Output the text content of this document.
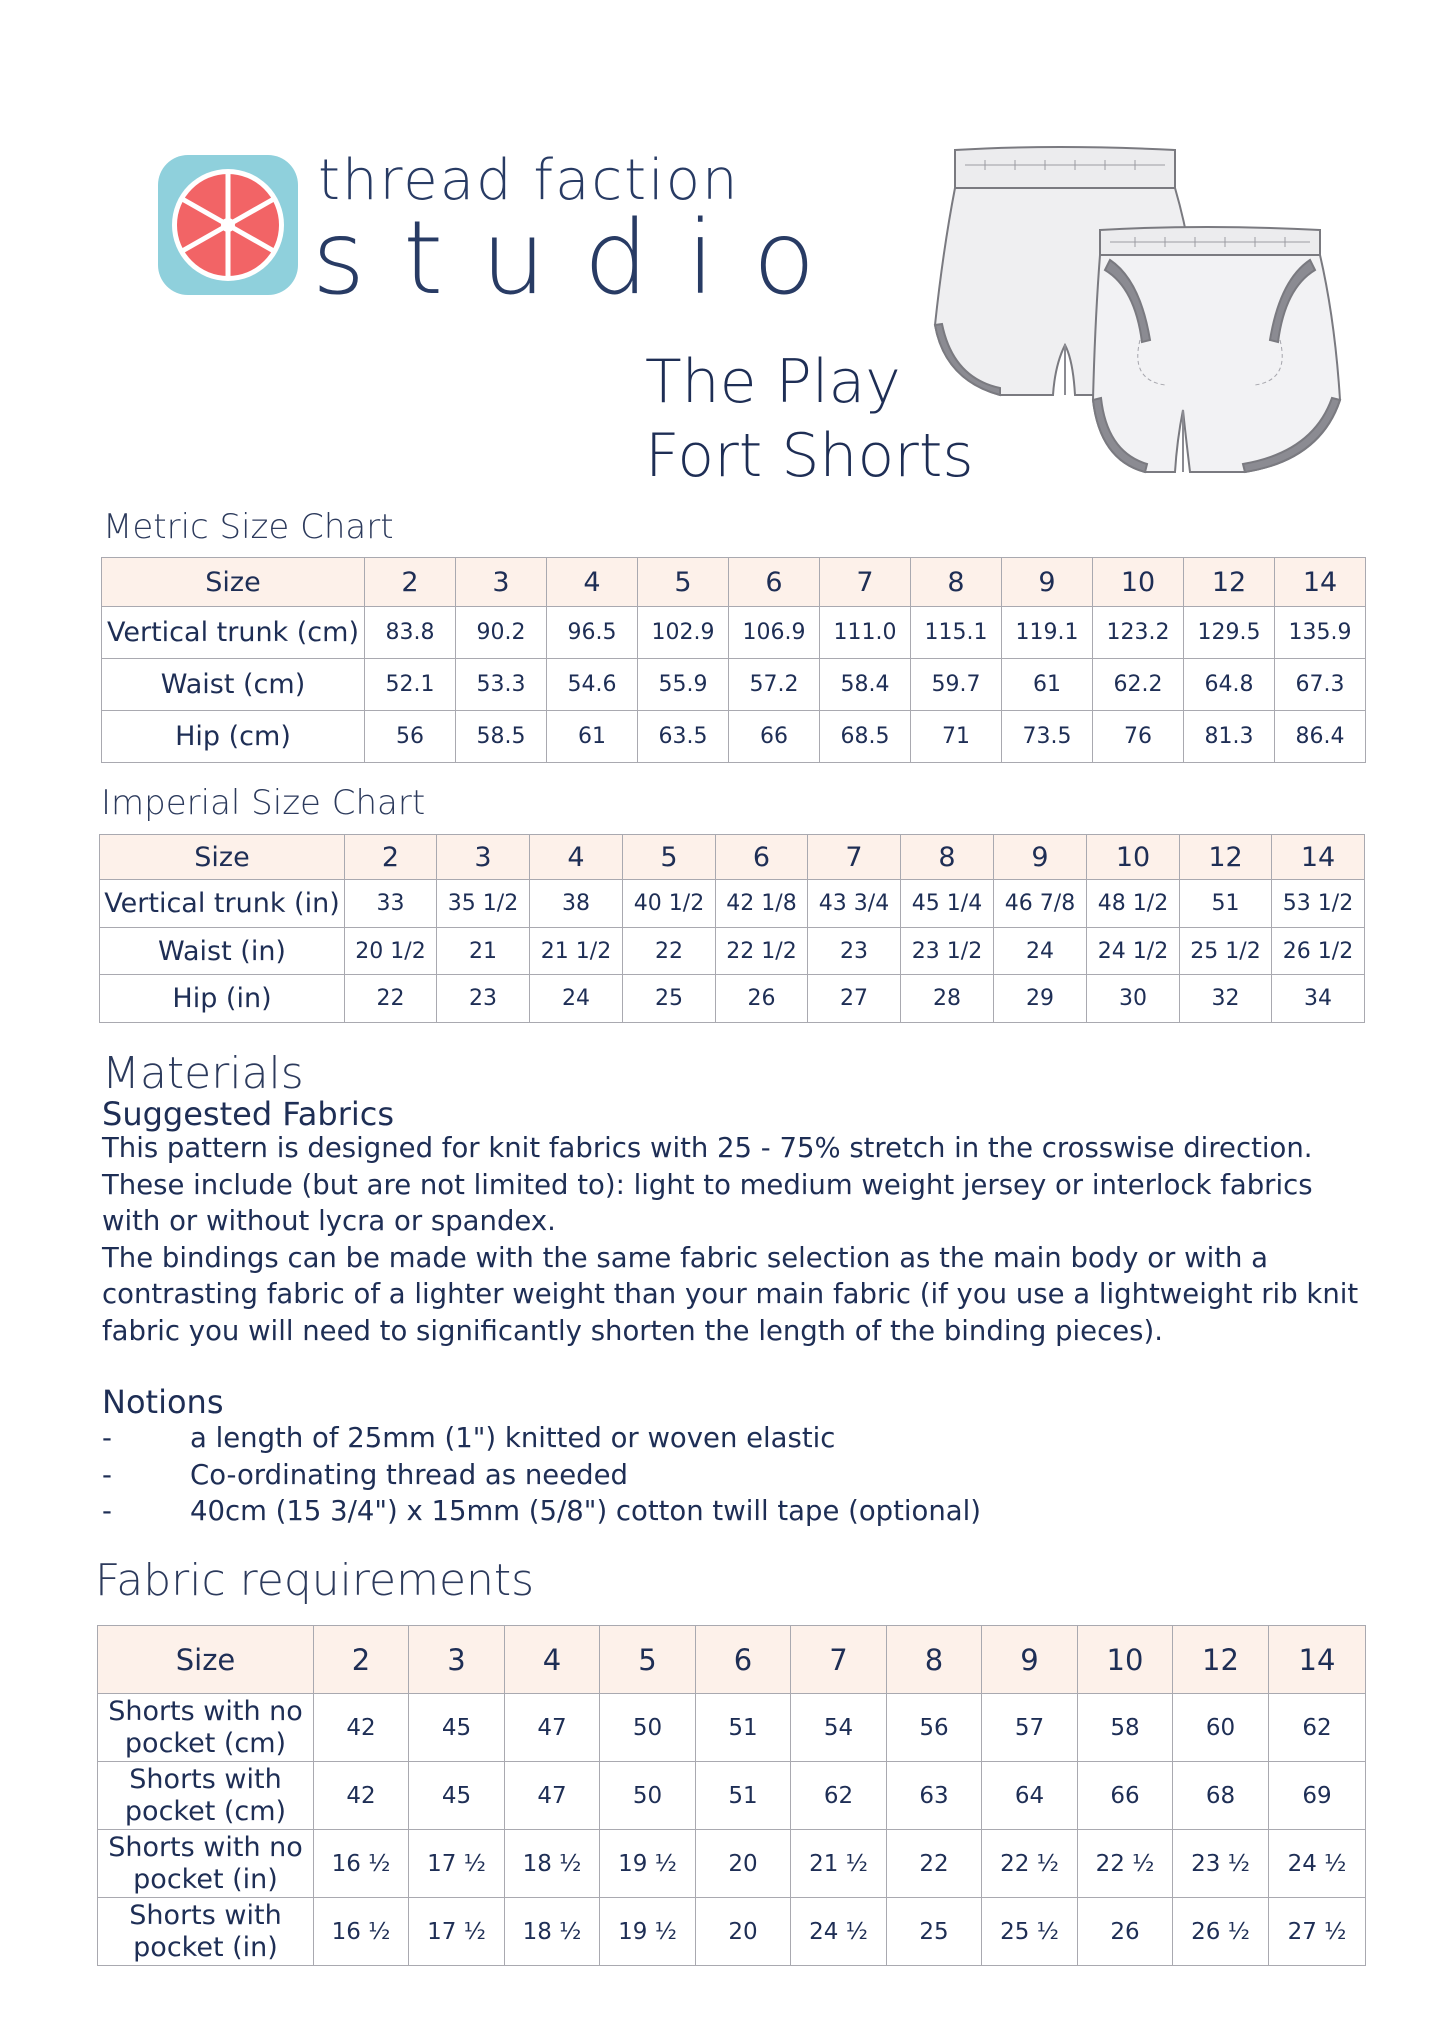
thread faction
studio
The Play
Fort Shorts
Metric Size Chart
Size	2	3	4	5	6	7	8	9	10	12	14
Vertical trunk (cm)	83.8	90.2	96.5	102.9	106.9	111.0	115.1	119.1	123.2	129.5	135.9
Waist (cm)	52.1	53.3	54.6	55.9	57.2	58.4	59.7	61	62.2	64.8	67.3
Hip (cm)	56	58.5	61	63.5	66	68.5	71	73.5	76	81.3	86.4
Imperial Size Chart
Size	2	3	4	5	6	7	8	9	10	12	14
Vertical trunk (in)	33	35 1/2	38	40 1/2	42 1/8	43 3/4	45 1/4	46 7/8	48 1/2	51	53 1/2
Waist (in)	20 1/2	21	21 1/2	22	22 1/2	23	23 1/2	24	24 1/2	25 1/2	26 1/2
Hip (in)	22	23	24	25	26	27	28	29	30	32	34
Materials
Suggested Fabrics

This pattern is designed for knit fabrics with 25 - 75% stretch in the crosswise direction. These include (but are not limited to): light to medium weight jersey or interlock fabrics with or without lycra or spandex.

The bindings can be made with the same fabric selection as the main body or with a contrasting fabric of a lighter weight than your main fabric (if you use a lightweight rib knit fabric you will need to significantly shorten the length of the binding pieces).

Notions
-	a length of 25mm (1") knitted or woven elastic
-	Co-ordinating thread as needed
-	40cm (15 3/4") x 15mm (5/8") cotton twill tape (optional)
Fabric requirements
Size	2	3	4	5	6	7	8	9	10	12	14
Shorts with no pocket (cm)	42	45	47	50	51	54	56	57	58	60	62
Shorts with pocket (cm)	42	45	47	50	51	62	63	64	66	68	69
Shorts with no pocket (in)	16 ½	17 ½	18 ½	19 ½	20	21 ½	22	22 ½	22 ½	23 ½	24 ½
Shorts with pocket (in)	16 ½	17 ½	18 ½	19 ½	20	24 ½	25	25 ½	26	26 ½	27 ½
